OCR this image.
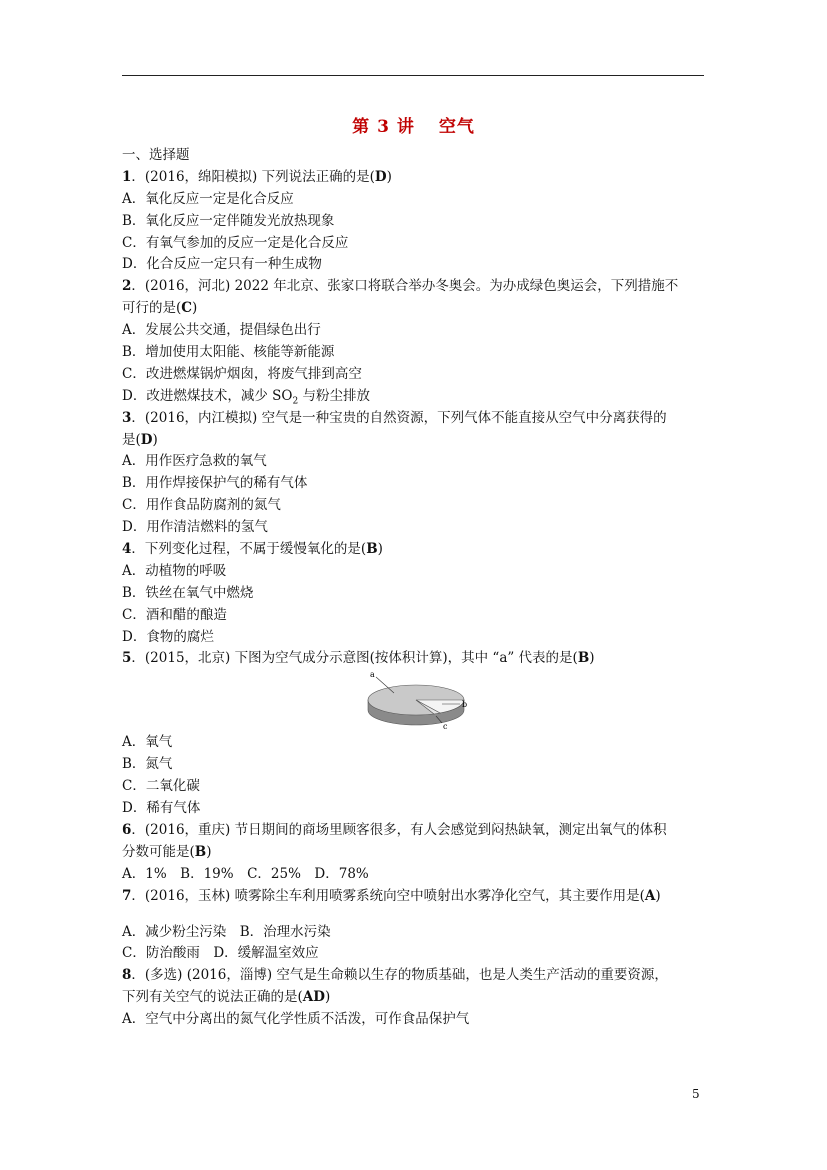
第 3 讲 空气
一、选择题
1．(2016，绵阳模拟) 下列说法正确的是(D)
A．氧化反应一定是化合反应
B．氧化反应一定伴随发光放热现象
C．有氧气参加的反应一定是化合反应
D．化合反应一定只有一种生成物
2．(2016，河北) 2022 年北京、张家口将联合举办冬奥会。为办成绿色奥运会，下列措施不
可行的是(C)
A．发展公共交通，提倡绿色出行
B．增加使用太阳能、核能等新能源
C．改进燃煤锅炉烟囱，将废气排到高空
D．改进燃煤技术，减少 $SO_2$ 与粉尘排放
3．(2016，内江模拟) 空气是一种宝贵的自然资源，下列气体不能直接从空气中分离获得的
是(D)
A．用作医疗急救的氧气
B．用作焊接保护气的稀有气体
C．用作食品防腐剂的氮气
D．用作清洁燃料的氢气
4．下列变化过程，不属于缓慢氧化的是(B)
A．动植物的呼吸
B．铁丝在氧气中燃烧
C．酒和醋的酿造
D．食物的腐烂
5．(2015，北京) 下图为空气成分示意图(按体积计算)，其中 “a” 代表的是(B)
a
b
c
A．氧气
B．氮气
C．二氧化碳
D．稀有气体
6．(2016，重庆) 节日期间的商场里顾客很多，有人会感觉到闷热缺氧，测定出氧气的体积
分数可能是(B)
A．1%　B．19%　C．25%　D．78%
7．(2016，玉林) 喷雾除尘车利用喷雾系统向空中喷射出水雾净化空气，其主要作用是(A)
A．减少粉尘污染　B．治理水污染
C．防治酸雨　D．缓解温室效应
8．(多选) (2016，淄博) 空气是生命赖以生存的物质基础，也是人类生产活动的重要资源，
下列有关空气的说法正确的是(AD)
A．空气中分离出的氮气化学性质不活泼，可作食品保护气
5
